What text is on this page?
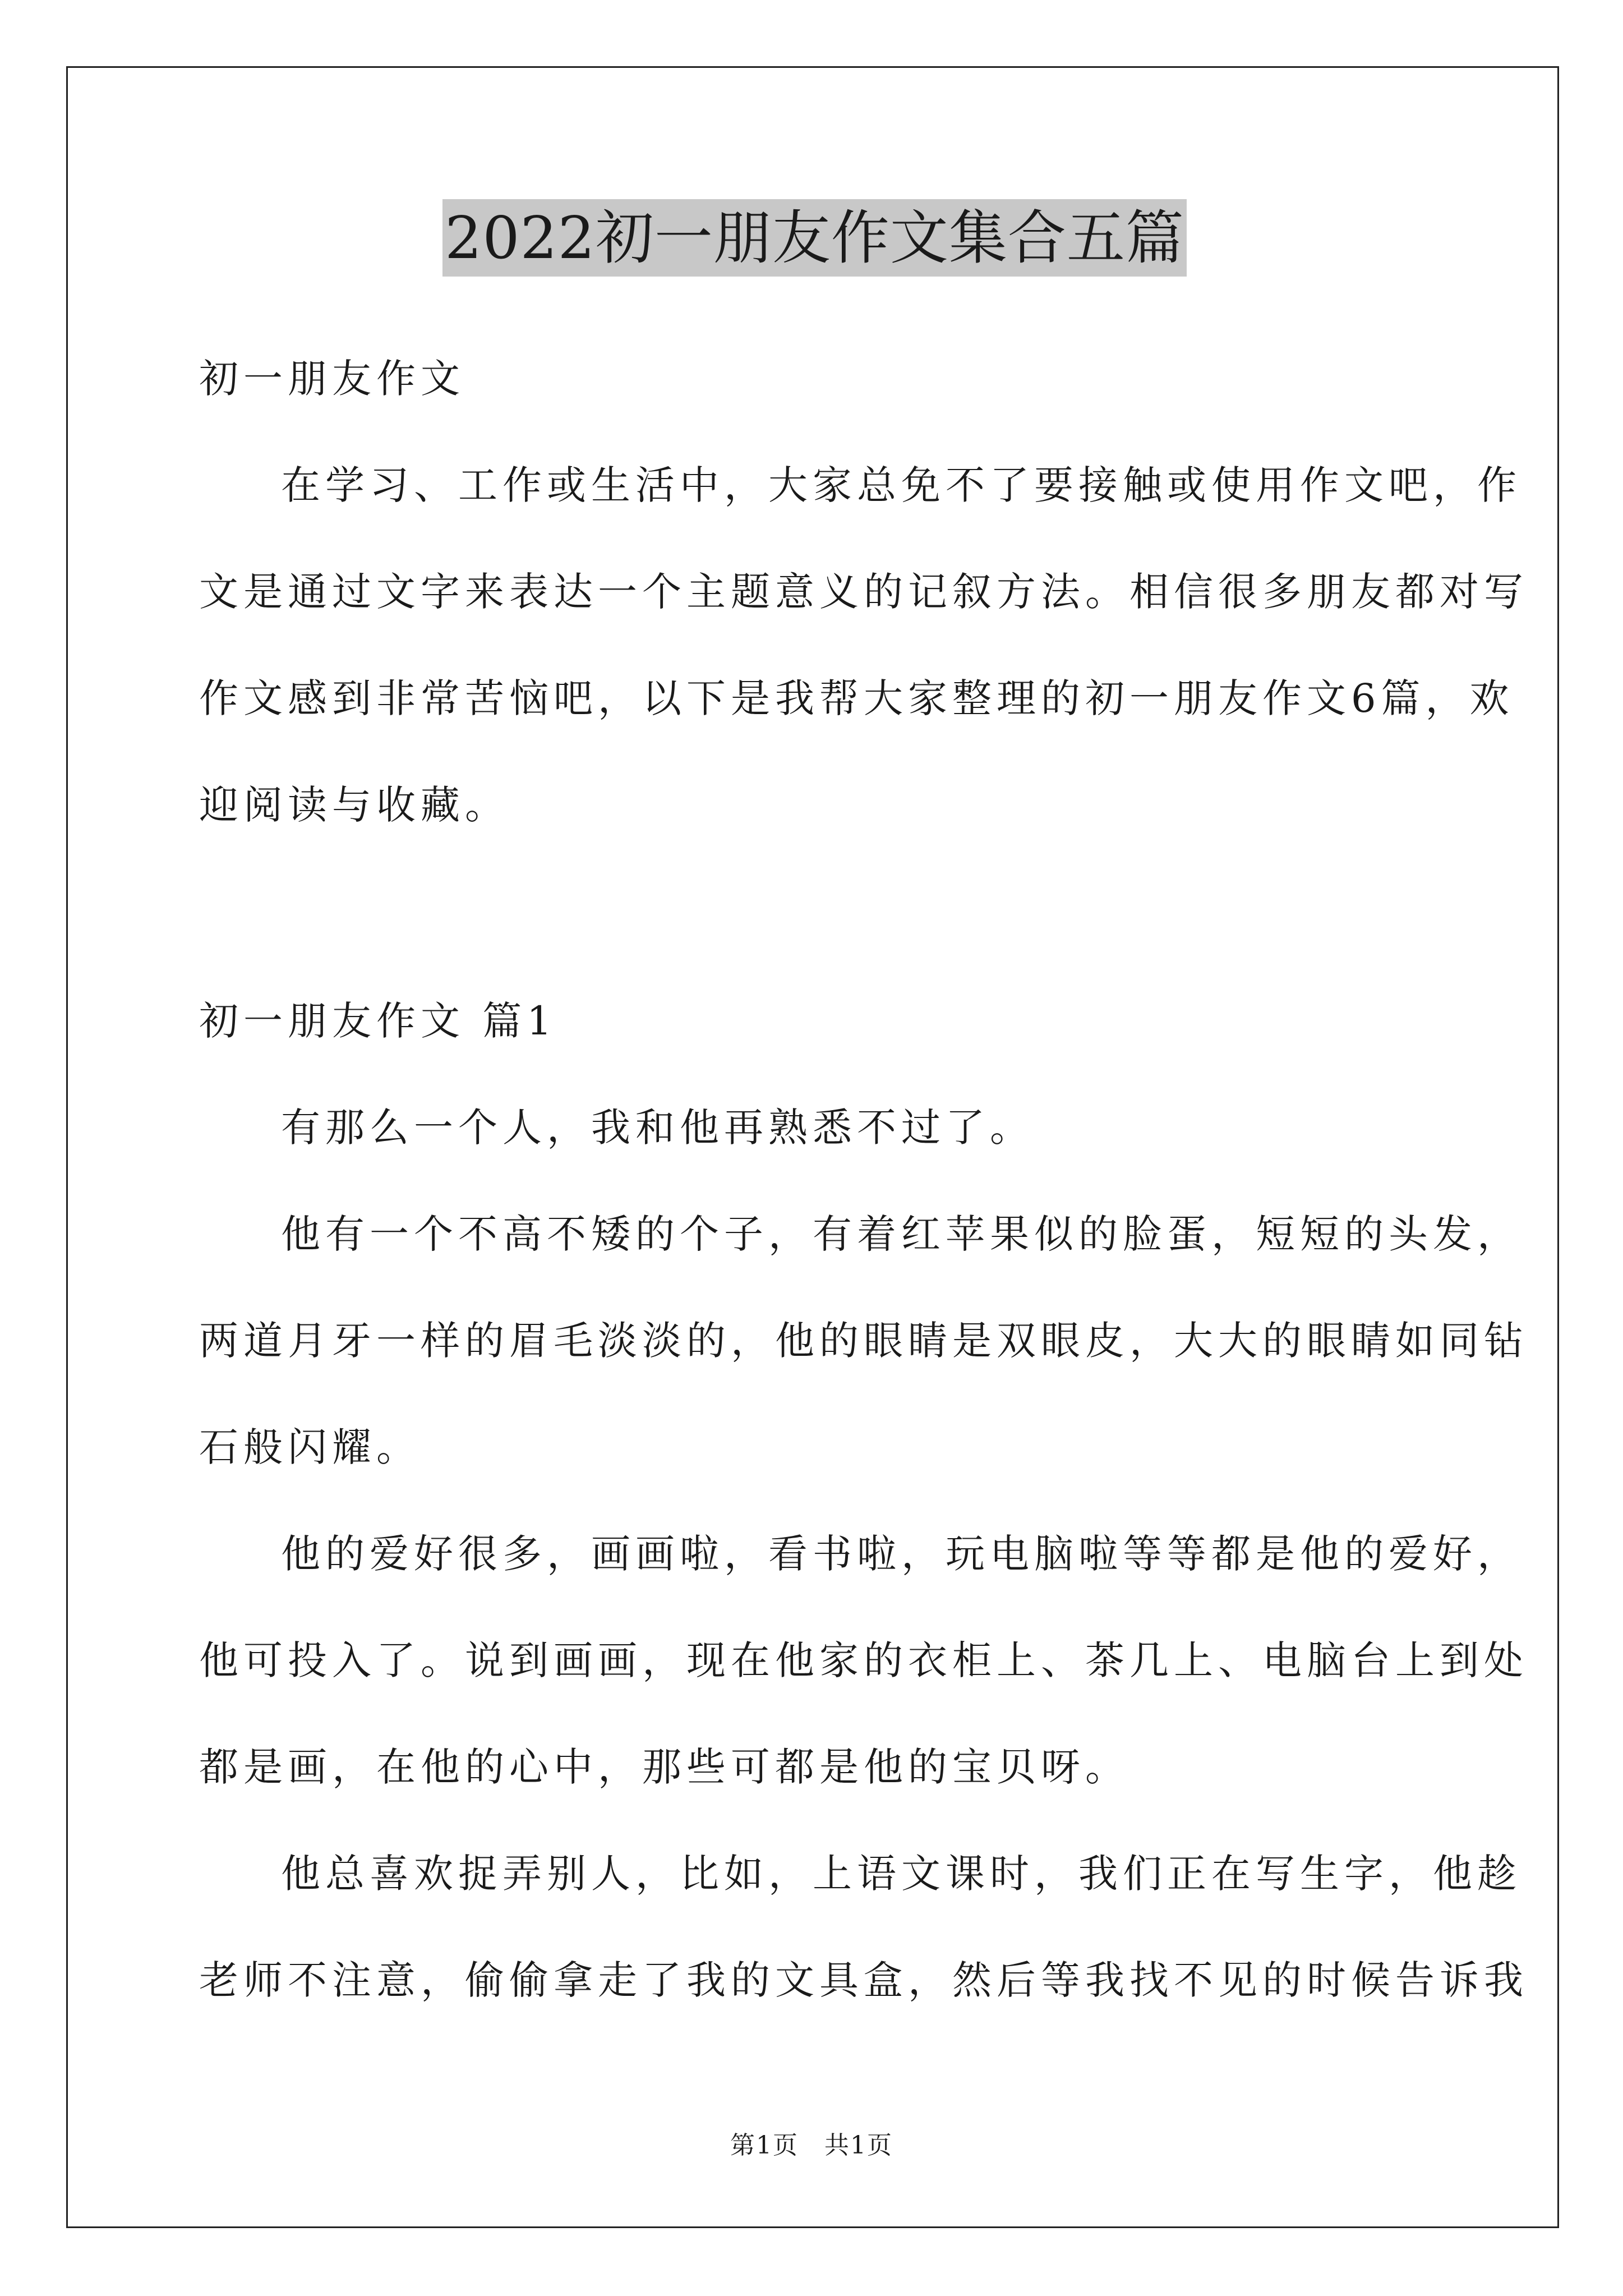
2022初一朋友作文集合五篇
初一朋友作文
在学习、工作或生活中，大家总免不了要接触或使用作文吧，作
文是通过文字来表达一个主题意义的记叙方法。相信很多朋友都对写
作文感到非常苦恼吧，以下是我帮大家整理的初一朋友作文6篇，欢
迎阅读与收藏。
初一朋友作文 篇1
有那么一个人，我和他再熟悉不过了。
他有一个不高不矮的个子，有着红苹果似的脸蛋，短短的头发，
两道月牙一样的眉毛淡淡的，他的眼睛是双眼皮，大大的眼睛如同钻
石般闪耀。
他的爱好很多，画画啦，看书啦，玩电脑啦等等都是他的爱好，
他可投入了。说到画画，现在他家的衣柜上、茶几上、电脑台上到处
都是画，在他的心中，那些可都是他的宝贝呀。
他总喜欢捉弄别人，比如，上语文课时，我们正在写生字，他趁
老师不注意，偷偷拿走了我的文具盒，然后等我找不见的时候告诉我
第1页　共1页
